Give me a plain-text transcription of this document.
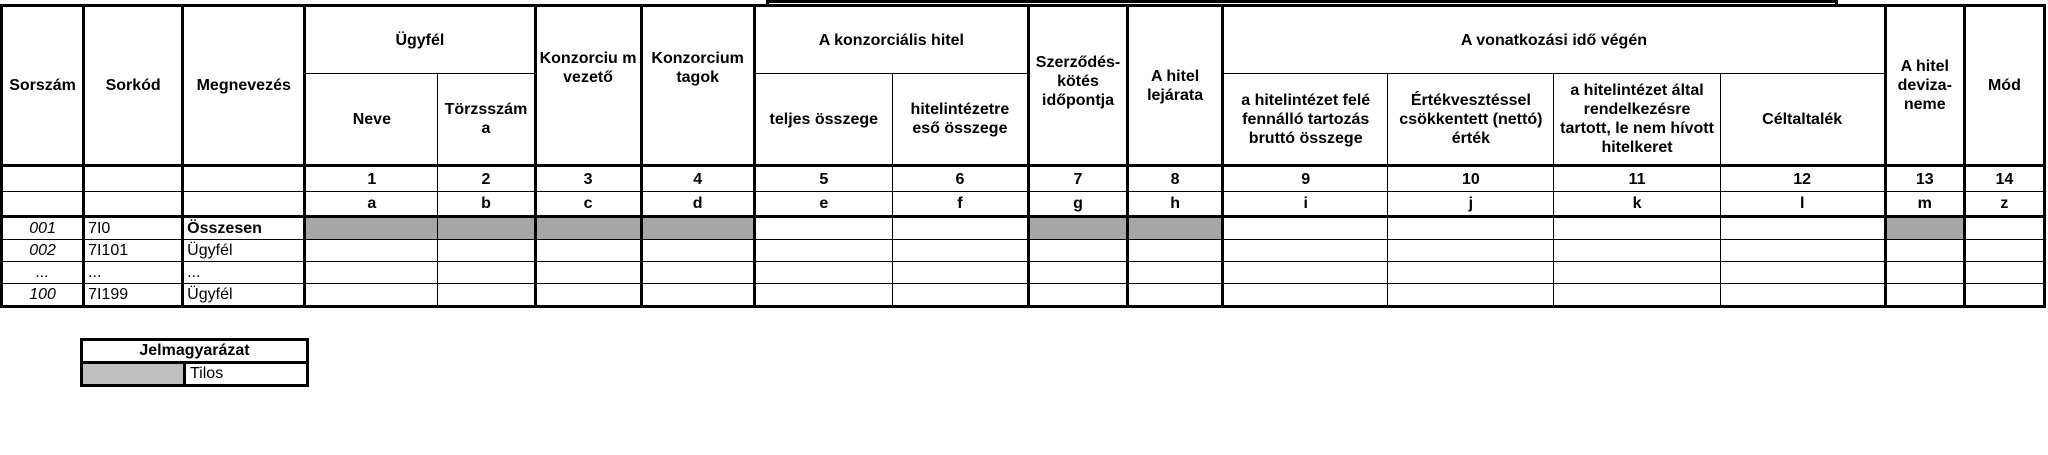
Sorszám	Sorkód	Megnevezés	Ügyfél		Konzorciu m vezető	Konzorcium tagok	A konzorciális hitel		Szerződés-kötés időpontja	A hitel lejárata	A vonatkozási idő végén				A hitel deviza-neme	Mód
			Neve	Törzsszám a			teljes összege	hitelintézetre eső összege			a hitelintézet felé fennálló tartozás bruttó összege	Értékvesztéssel csökkentett (nettó) érték	a hitelintézet által rendelkezésre tartott, le nem hívott hitelkeret	Céltaltalék		
			1	2	3	4	5	6	7	8	9	10	11	12	13	14
			a	b	c	d	e	f	g	h	i	j	k	l	m	z
001	7I0	Összesen														
002	7I101	Ügyfél														
...	...	...														
100	7I199	Ügyfél														
Jelmagyarázat
	Tilos
